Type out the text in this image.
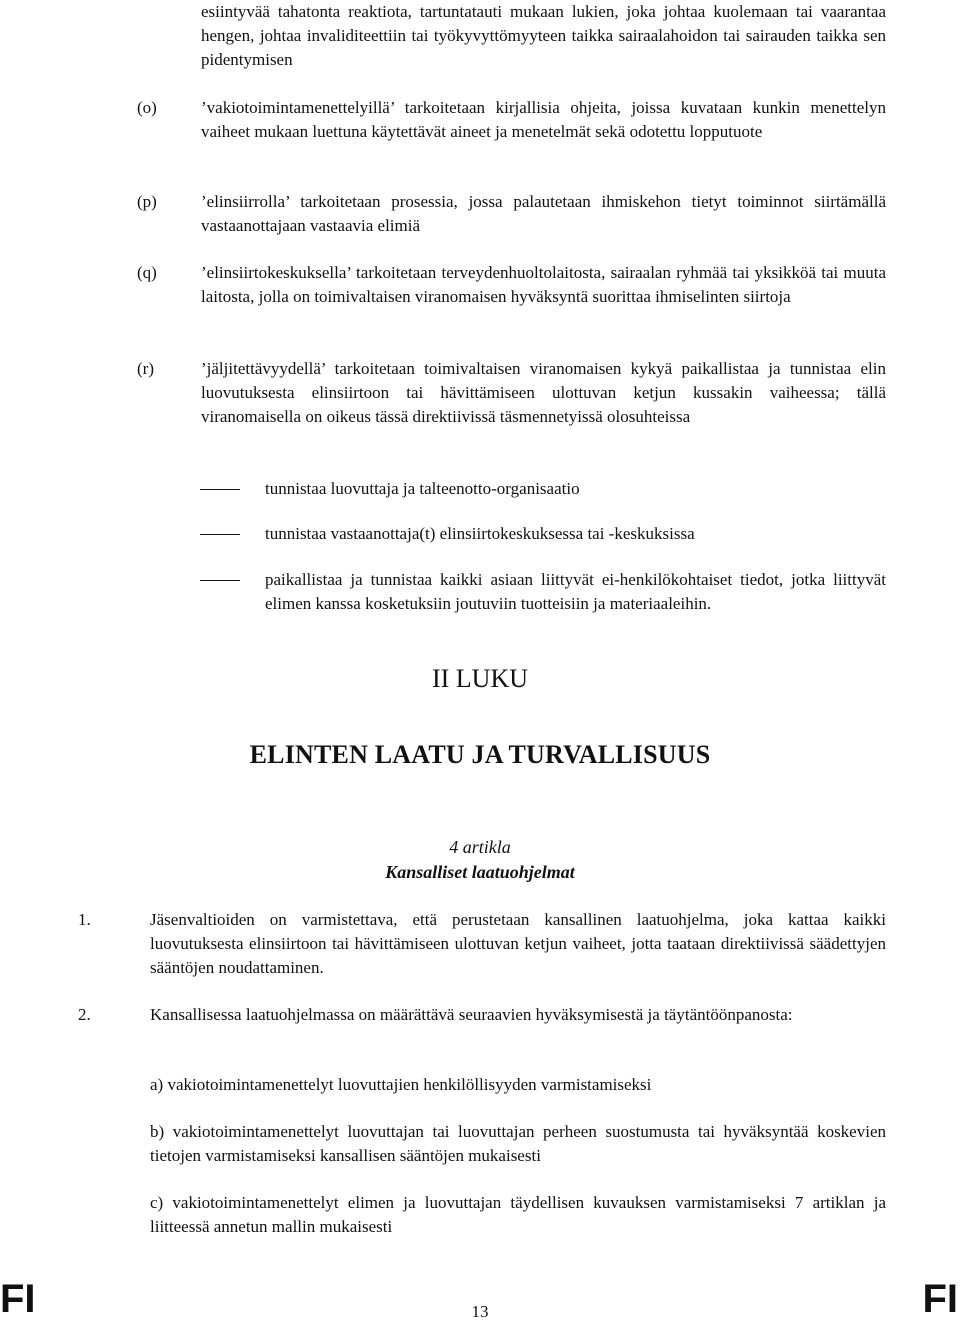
esiintyvää tahatonta reaktiota, tartuntatauti mukaan lukien, joka johtaa kuolemaan tai vaarantaa hengen, johtaa invaliditeettiin tai työkyvyttömyyteen taikka sairaalahoidon tai sairauden taikka sen pidentymisen

(o)	’vakiotoimintamenettelyillä’ tarkoitetaan kirjallisia ohjeita, joissa kuvataan kunkin menettelyn vaiheet mukaan luettuna käytettävät aineet ja menetelmät sekä odotettu lopputuote

(p)	’elinsiirrolla’ tarkoitetaan prosessia, jossa palautetaan ihmiskehon tietyt toiminnot siirtämällä vastaanottajaan vastaavia elimiä

(q)	’elinsiirtokeskuksella’ tarkoitetaan terveydenhuoltolaitosta, sairaalan ryhmää tai yksikköä tai muuta laitosta, jolla on toimivaltaisen viranomaisen hyväksyntä suorittaa ihmiselinten siirtoja

(r)	’jäljitettävyydellä’ tarkoitetaan toimivaltaisen viranomaisen kykyä paikallistaa ja tunnistaa elin luovutuksesta elinsiirtoon tai hävittämiseen ulottuvan ketjun kussakin vaiheessa; tällä viranomaisella on oikeus tässä direktiivissä täsmennetyissä olosuhteissa

tunnistaa luovuttaja ja talteenotto-organisaatio

tunnistaa vastaanottaja(t) elinsiirtokeskuksessa tai -keskuksissa

paikallistaa ja tunnistaa kaikki asiaan liittyvät ei-henkilökohtaiset tiedot, jotka liittyvät elimen kanssa kosketuksiin joutuviin tuotteisiin ja materiaaleihin.

II LUKU

ELINTEN LAATU JA TURVALLISUUS

4 artikla

Kansalliset laatuohjelmat

1.	Jäsenvaltioiden on varmistettava, että perustetaan kansallinen laatuohjelma, joka kattaa kaikki luovutuksesta elinsiirtoon tai hävittämiseen ulottuvan ketjun vaiheet, jotta taataan direktiivissä säädettyjen sääntöjen noudattaminen.

2.	Kansallisessa laatuohjelmassa on määrättävä seuraavien hyväksymisestä ja täytäntöönpanosta:

a) vakiotoimintamenettelyt luovuttajien henkilöllisyyden varmistamiseksi

b) vakiotoimintamenettelyt luovuttajan tai luovuttajan perheen suostumusta tai hyväksyntää koskevien tietojen varmistamiseksi kansallisen sääntöjen mukaisesti

c) vakiotoimintamenettelyt elimen ja luovuttajan täydellisen kuvauksen varmistamiseksi 7 artiklan ja liitteessä annetun mallin mukaisesti

FI	13	FI
